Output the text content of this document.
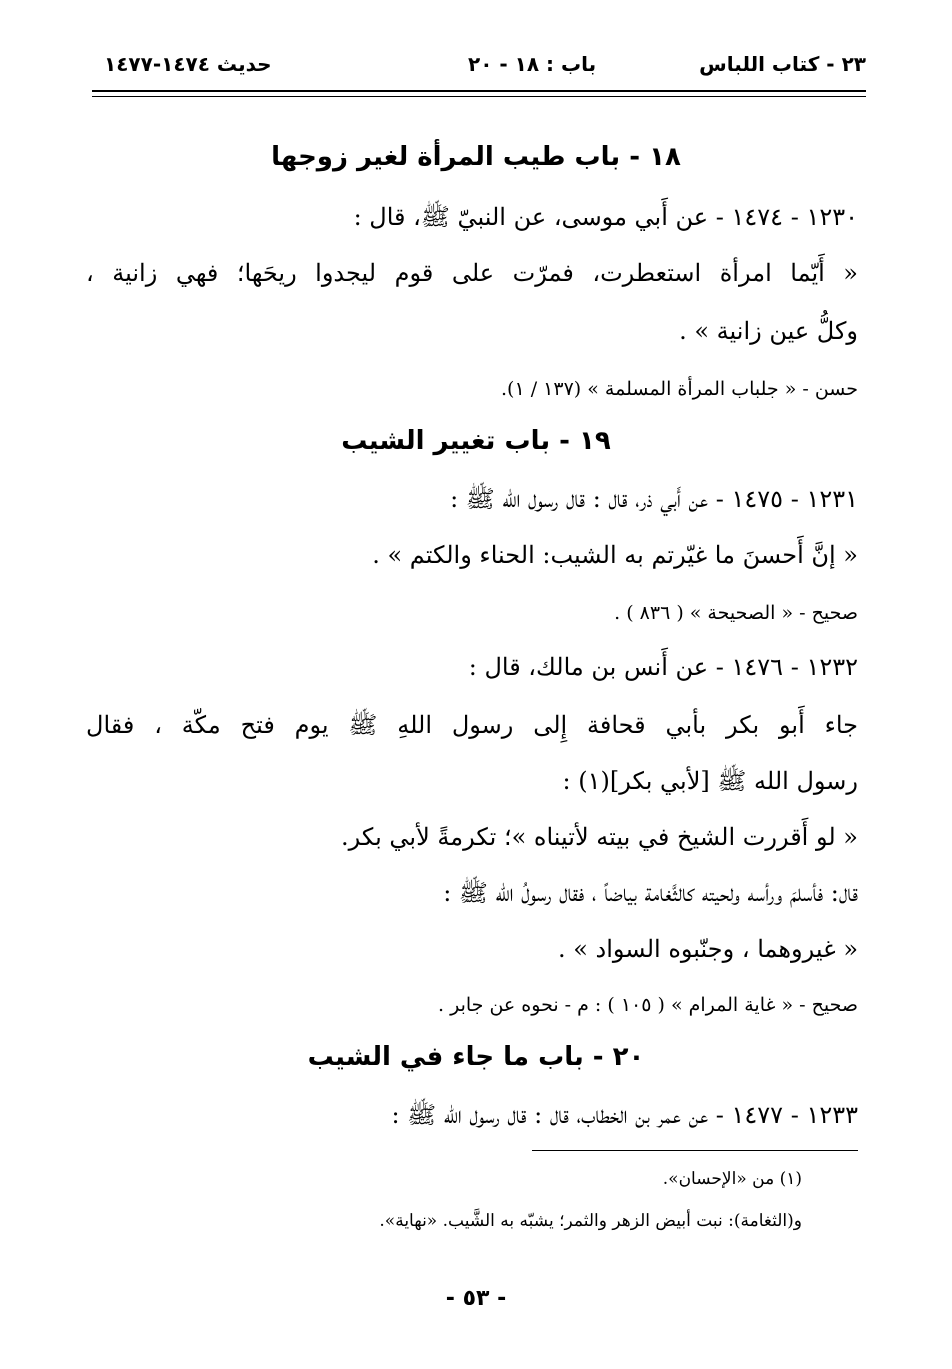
٢٣ - كتاب اللباس
باب : ١٨ - ٢٠
حديث ١٤٧٤-١٤٧٧
١٨ - باب طيب المرأة لغير زوجها
١٢٣٠ - ١٤٧٤ - عن أَبي موسى، عن النبيّ ﷺ، قال :
« أَيّما امرأة استعطرت، فمرّت على قوم ليجدوا ريحَها؛ فهي زانية ،
وكلُّ عين زانية » .
حسن - « جلباب المرأة المسلمة » (١٣٧ / ١).
١٩ - باب تغيير الشيب
١٢٣١ - ١٤٧٥ - عن أَبي ذر، قال : قال رسول الله ﷺ :
« إنَّ أَحسنَ ما غيّرتم به الشيب: الحناء والكتم » .
صحيح - « الصحيحة » ( ٨٣٦ ) .
١٢٣٢ - ١٤٧٦ - عن أَنس بن مالك، قال :
جاء أَبو بكر بأبي قحافة إِلى رسول اللهِ ﷺ يوم فتح مكّة ، فقال
رسول الله ﷺ [لأبي بكر](١) :
« لو أَقررت الشيخ في بيته لأتيناه »؛ تكرمةً لأبي بكر.
قال: فأسلمَ ورأسه ولحيته كالثَّغامة بياضاً ، فقال رسولُ الله ﷺ :
« غيروهما ، وجنّبوه السواد » .
صحيح - « غاية المرام » ( ١٠٥ ) : م - نحوه عن جابر .
٢٠ - باب ما جاء في الشيب
١٢٣٣ - ١٤٧٧ - عن عمر بن الخطاب، قال : قال رسول الله ﷺ :
(١) من «الإحسان».
و(الثغامة): نبت أبيض الزهر والثمر؛ يشبّه به الشَّيب. «نهاية».
- ٥٣ -
